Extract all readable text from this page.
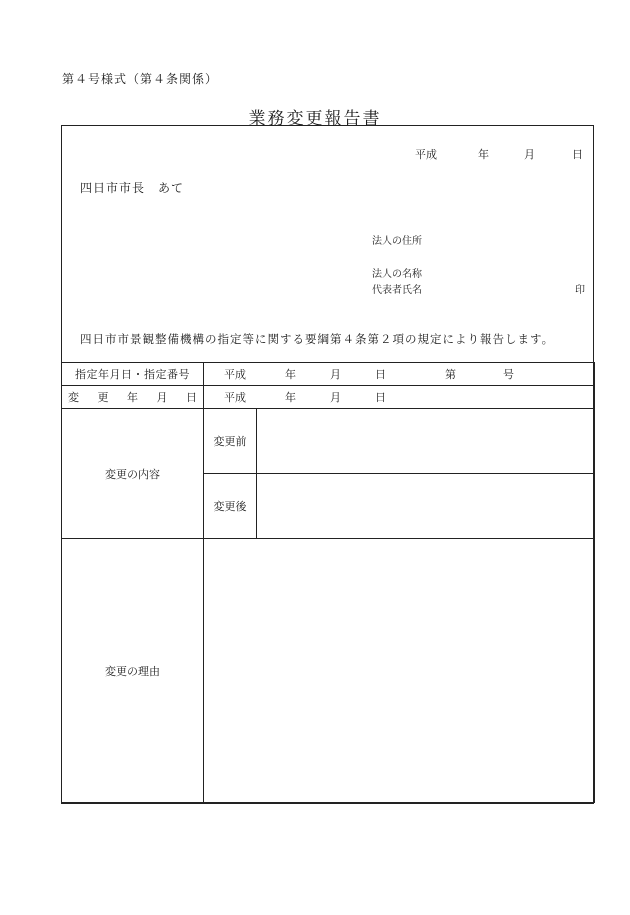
第４号様式（第４条関係）
業務変更報告書
平成	年	月	日
四日市市長　あて
法人の住所
法人の名称
代表者氏名	印
四日市市景観整備機構の指定等に関する要綱第４条第２項の規定により報告します。
指定年月日・指定番号	平成 年 月 日 第 号	

変 更 年 月 日	平成 年 月 日	
変更の内容	変更前	
	変更後	
変更の理由		
